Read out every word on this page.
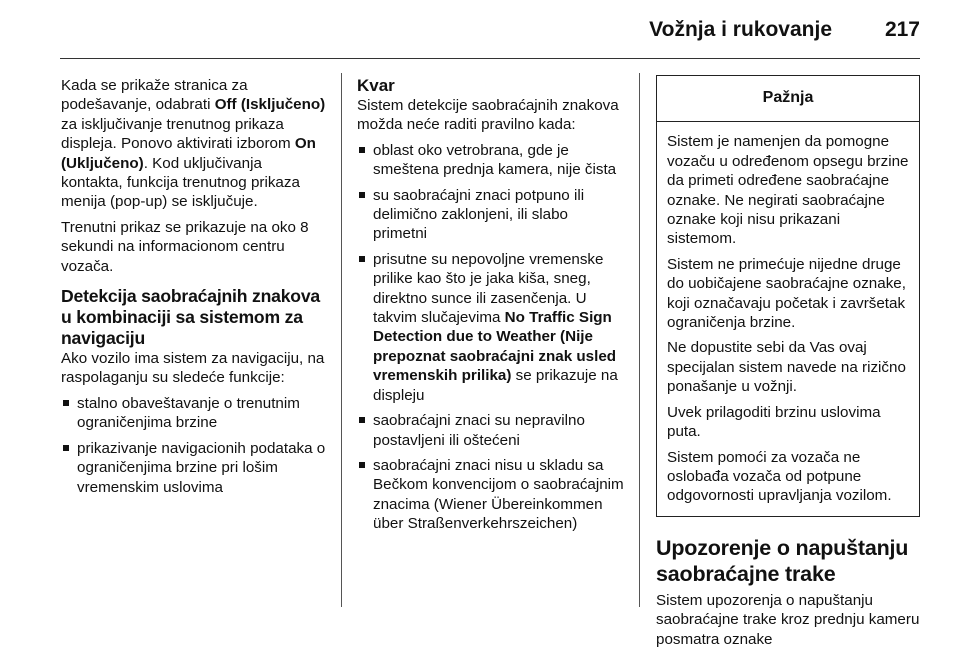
Vožnja i rukovanje	217

Kada se prikaže stranica za podešavanje, odabrati Off (Isključeno) za isključivanje trenutnog prikaza displeja. Ponovo aktivirati izborom On (Uključeno). Kod uključivanja kontakta, funkcija trenutnog prikaza menija (pop-up) se isključuje.

Trenutni prikaz se prikazuje na oko 8 sekundi na informacionom centru vozača.

Detekcija saobraćajnih znakova u kombinaciji sa sistemom za navigaciju

Ako vozilo ima sistem za navigaciju, na raspolaganju su sledeće funkcije:

stalno obaveštavanje o trenutnim ograničenjima brzine
prikazivanje navigacionih podataka o ograničenjima brzine pri lošim vremenskim uslovima
Kvar

Sistem detekcije saobraćajnih znakova možda neće raditi pravilno kada:

oblast oko vetrobrana, gde je smeštena prednja kamera, nije čista
su saobraćajni znaci potpuno ili delimično zaklonjeni, ili slabo primetni
prisutne su nepovoljne vremenske prilike kao što je jaka kiša, sneg, direktno sunce ili zasenčenja. U takvim slučajevima No Traffic Sign Detection due to Weather (Nije prepoznat saobraćajni znak usled vremenskih prilika) se prikazuje na displeju
saobraćajni znaci su nepravilno postavljeni ili oštećeni
saobraćajni znaci nisu u skladu sa Bečkom konvencijom o saobraćajnim znacima (Wiener Übereinkommen über Straßenverkehrszeichen)
Pažnja

Sistem je namenjen da pomogne vozaču u određenom opsegu brzine da primeti određene saobraćajne oznake. Ne negirati saobraćajne oznake koji nisu prikazani sistemom.

Sistem ne primećuje nijedne druge do uobičajene saobraćajne oznake, koji označavaju početak i završetak ograničenja brzine.

Ne dopustite sebi da Vas ovaj specijalan sistem navede na rizično ponašanje u vožnji.

Uvek prilagoditi brzinu uslovima puta.

Sistem pomoći za vozača ne oslobađa vozača od potpune odgovornosti upravljanja vozilom.

Upozorenje o napuštanju saobraćajne trake

Sistem upozorenja o napuštanju saobraćajne trake kroz prednju kameru posmatra oznake
